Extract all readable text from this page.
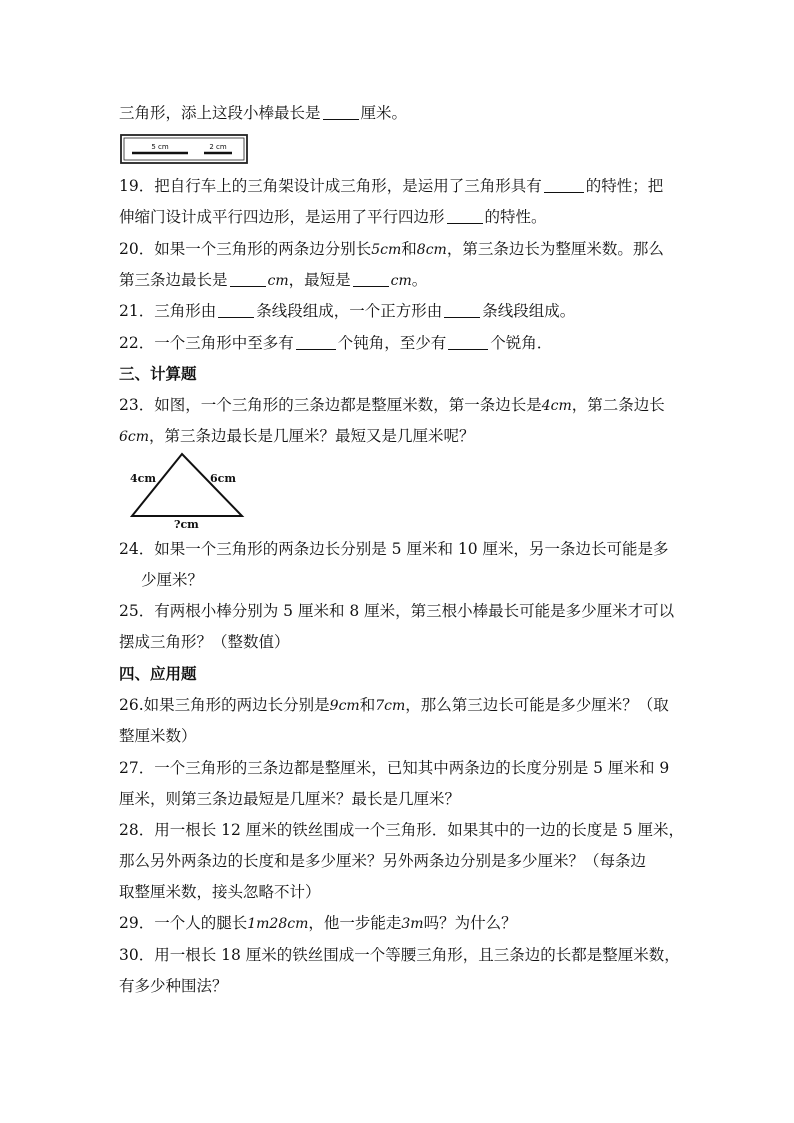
三角形，添上这段小棒最长是	厘米。
5 cm	2 cm
19．把自行车上的三角架设计成三角形，是运用了三角形具有	的特性；把
伸缩门设计成平行四边形，是运用了平行四边形	的特性。
20．如果一个三角形的两条边分别长5cm和8cm，第三条边长为整厘米数。那么
第三条边最长是	cm，最短是	cm。
21．三角形由	条线段组成，一个正方形由	条线段组成。
22．一个三角形中至多有	个钝角，至少有	个锐角．
三、计算题
23．如图，一个三角形的三条边都是整厘米数，第一条边长是4cm，第二条边长
6cm，第三条边最长是几厘米？最短又是几厘米呢？
4cm	6cm
?cm
24．如果一个三角形的两条边长分别是 5 厘米和 10 厘米，另一条边长可能是多
少厘米？
25．有两根小棒分别为 5 厘米和 8 厘米，第三根小棒最长可能是多少厘米才可以
摆成三角形？（整数值）
四、应用题
26.如果三角形的两边长分别是9cm和7cm，那么第三边长可能是多少厘米？（取
整厘米数）
27．一个三角形的三条边都是整厘米，已知其中两条边的长度分别是 5 厘米和 9
厘米，则第三条边最短是几厘米？最长是几厘米？
28．用一根长 12 厘米的铁丝围成一个三角形．如果其中的一边的长度是 5 厘米，
那么另外两条边的长度和是多少厘米？另外两条边分别是多少厘米？（每条边
取整厘米数，接头忽略不计）
29．一个人的腿长1m28cm，他一步能走3m吗？为什么？
30．用一根长 18 厘米的铁丝围成一个等腰三角形，且三条边的长都是整厘米数，
有多少种围法？
